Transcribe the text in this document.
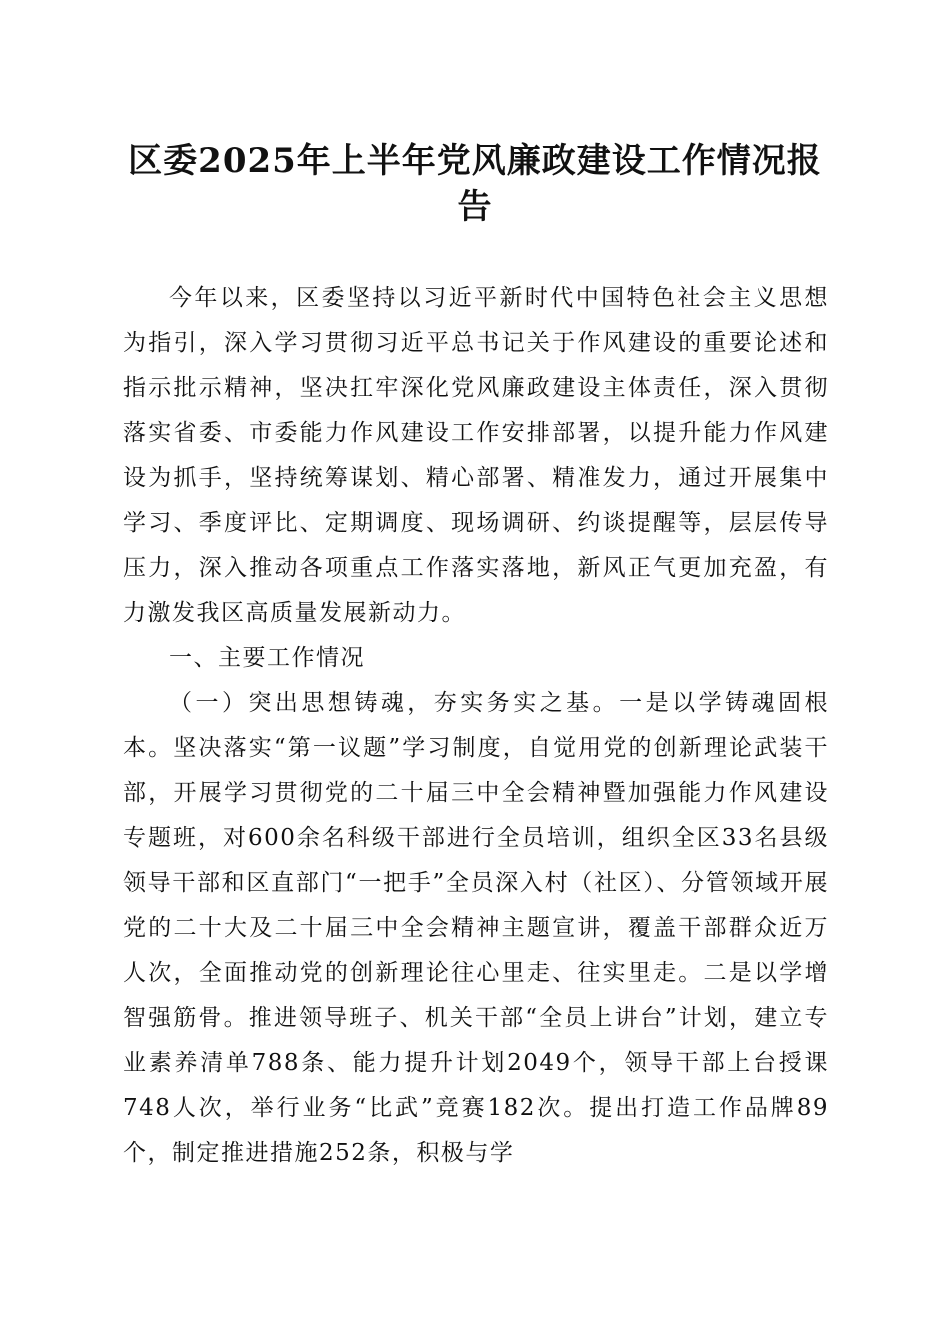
区委2025年上半年党风廉政建设工作情况报告

今年以来，区委坚持以习近平新时代中国特色社会主义思想为指引，深入学习贯彻习近平总书记关于作风建设的重要论述和指示批示精神，坚决扛牢深化党风廉政建设主体责任，深入贯彻落实省委、市委能力作风建设工作安排部署，以提升能力作风建设为抓手，坚持统筹谋划、精心部署、精准发力，通过开展集中学习、季度评比、定期调度、现场调研、约谈提醒等，层层传导压力，深入推动各项重点工作落实落地，新风正气更加充盈，有力激发我区高质量发展新动力。

一、主要工作情况

（一）突出思想铸魂，夯实务实之基。一是以学铸魂固根本。坚决落实“第一议题”学习制度，自觉用党的创新理论武装干部，开展学习贯彻党的二十届三中全会精神暨加强能力作风建设专题班，对600余名科级干部进行全员培训，组织全区33名县级领导干部和区直部门“一把手”全员深入村（社区）、分管领域开展党的二十大及二十届三中全会精神主题宣讲，覆盖干部群众近万人次，全面推动党的创新理论往心里走、往实里走。二是以学增智强筋骨。推进领导班子、机关干部“全员上讲台”计划，建立专业素养清单788条、能力提升计划2049个，领导干部上台授课748人次，举行业务“比武”竞赛182次。提出打造工作品牌89个，制定推进措施252条，积极与学
